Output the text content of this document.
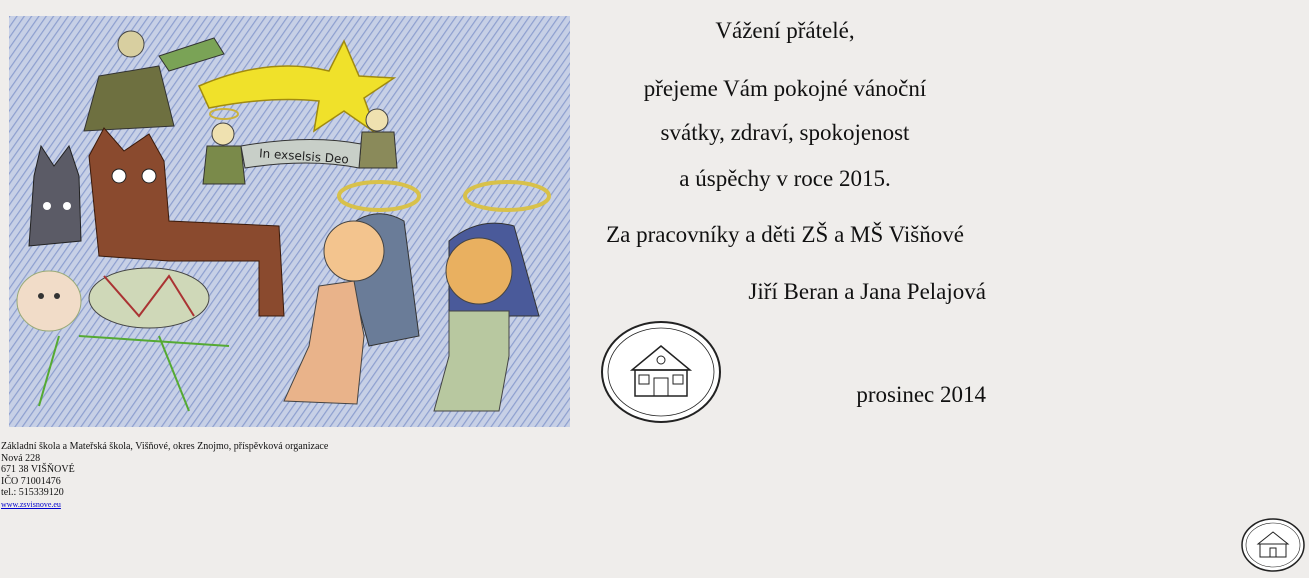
In exselsis Deo
Vážení přátelé,
přejeme Vám pokojné vánoční
svátky, zdraví, spokojenost
a úspěchy v roce 2015.
Za pracovníky a děti ZŠ a MŠ Višňové
Jiří Beran a Jana Pelajová
prosinec 2014
Základní škola a Mateřská škola, Višňové, okres Znojmo, příspěvková organizace
Nová 228
671 38 VIŠŇOVÉ
IČO 71001476
tel.: 515339120
www.zsvisnove.eu
